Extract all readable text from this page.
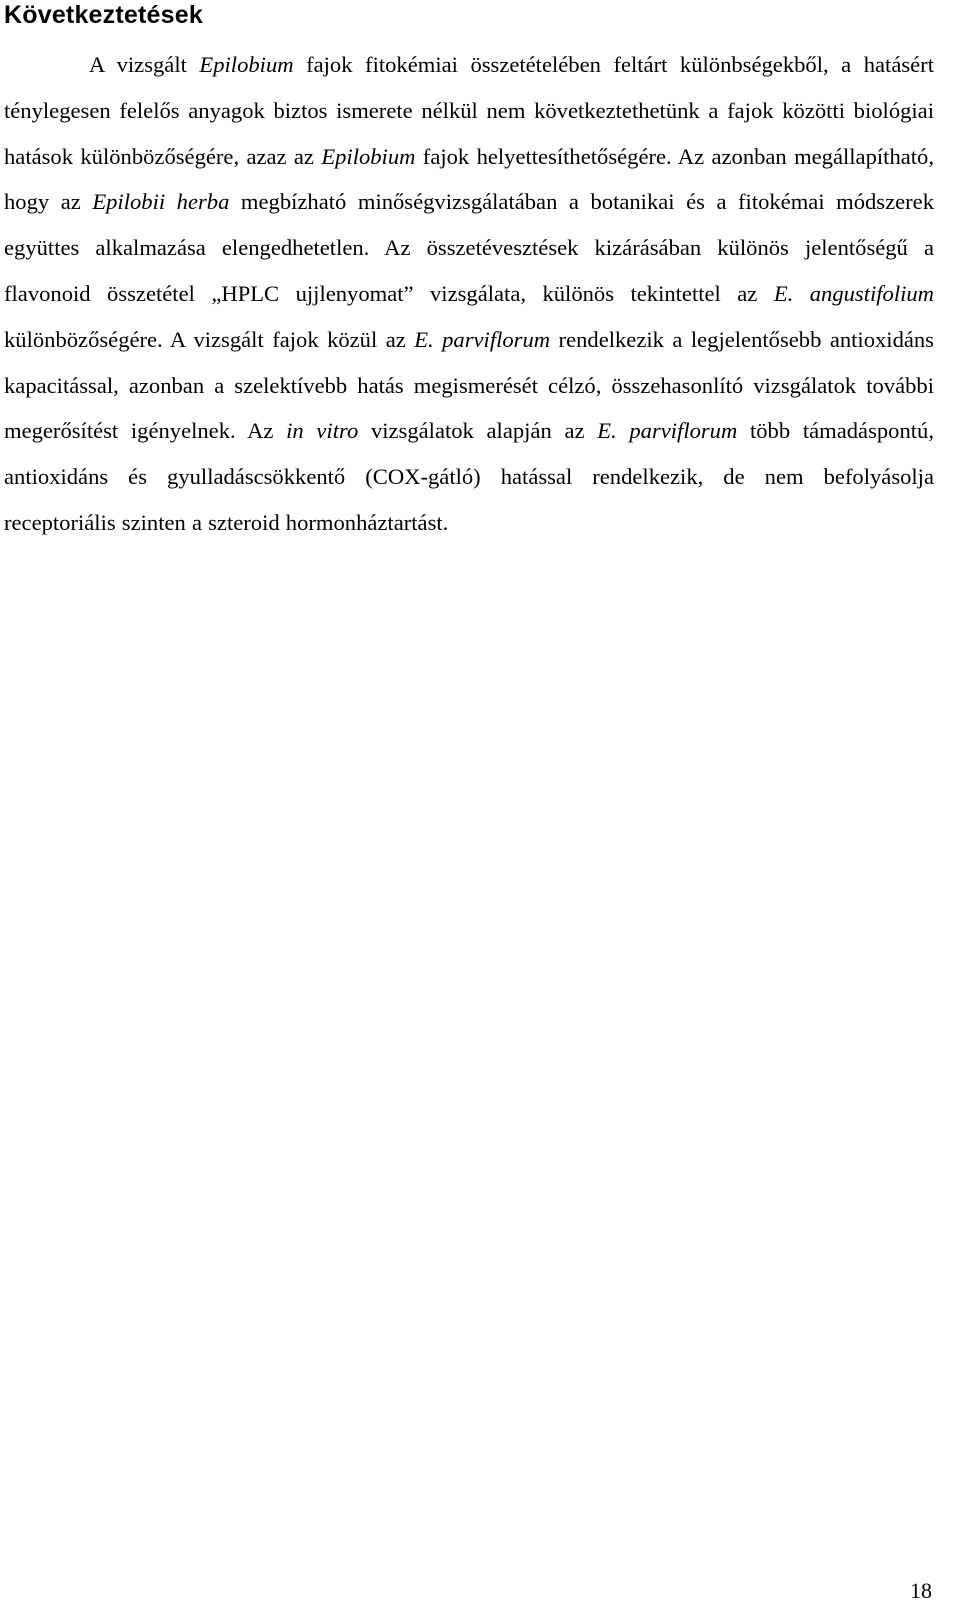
Következtetések

A vizsgált Epilobium fajok fitokémiai összetételében feltárt különbségekből, a hatásért ténylegesen felelős anyagok biztos ismerete nélkül nem következtethetünk a fajok közötti biológiai hatások különbözőségére, azaz az Epilobium fajok helyettesíthetőségére. Az azonban megállapítható, hogy az Epilobii herba megbízható minőségvizsgálatában a botanikai és a fitokémai módszerek együttes alkalmazása elengedhetetlen. Az összetévesztések kizárásában különös jelentőségű a flavonoid összetétel „HPLC ujjlenyomat” vizsgálata, különös tekintettel az E. angustifolium különbözőségére. A vizsgált fajok közül az E. parviflorum rendelkezik a legjelentősebb antioxidáns kapacitással, azonban a szelektívebb hatás megismerését célzó, összehasonlító vizsgálatok további megerősítést igényelnek. Az in vitro vizsgálatok alapján az E. parviflorum több támadáspontú, antioxidáns és gyulladáscsökkentő (COX-gátló) hatással rendelkezik, de nem befolyásolja receptoriális szinten a szteroid hormonháztartást.

18
